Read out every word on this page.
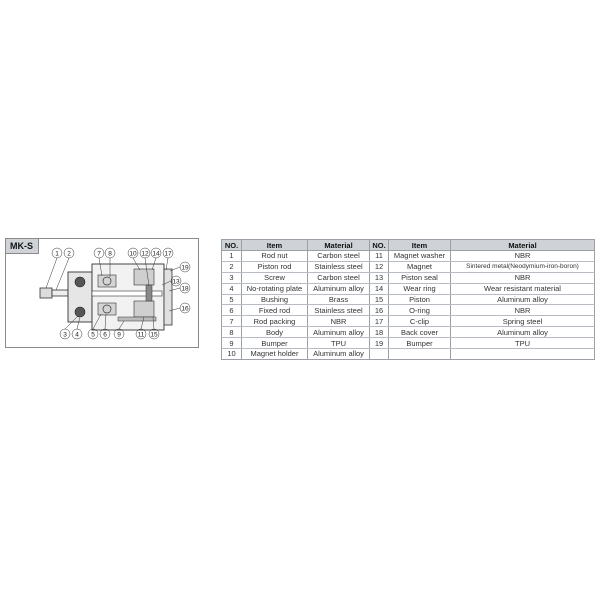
MK-S
1 2	7 8	10 12 14 17
3 4 5 6 9	11 15
19
13
18
16
NO.	Item	Material	NO.	Item	Material
1	Rod nut	Carbon steel	11	Magnet washer	NBR
2	Piston rod	Stainless steel	12	Magnet	Sintered metal(Neodymium-iron-boron)
3	Screw	Carbon steel	13	Piston seal	NBR
4	No-rotating plate	Aluminum alloy	14	Wear ring	Wear resistant material
5	Bushing	Brass	15	Piston	Aluminum alloy
6	Fixed rod	Stainless steel	16	O-ring	NBR
7	Rod packing	NBR	17	C-clip	Spring steel
8	Body	Aluminum alloy	18	Back cover	Aluminum alloy
9	Bumper	TPU	19	Bumper	TPU
10	Magnet holder	Aluminum alloy			
